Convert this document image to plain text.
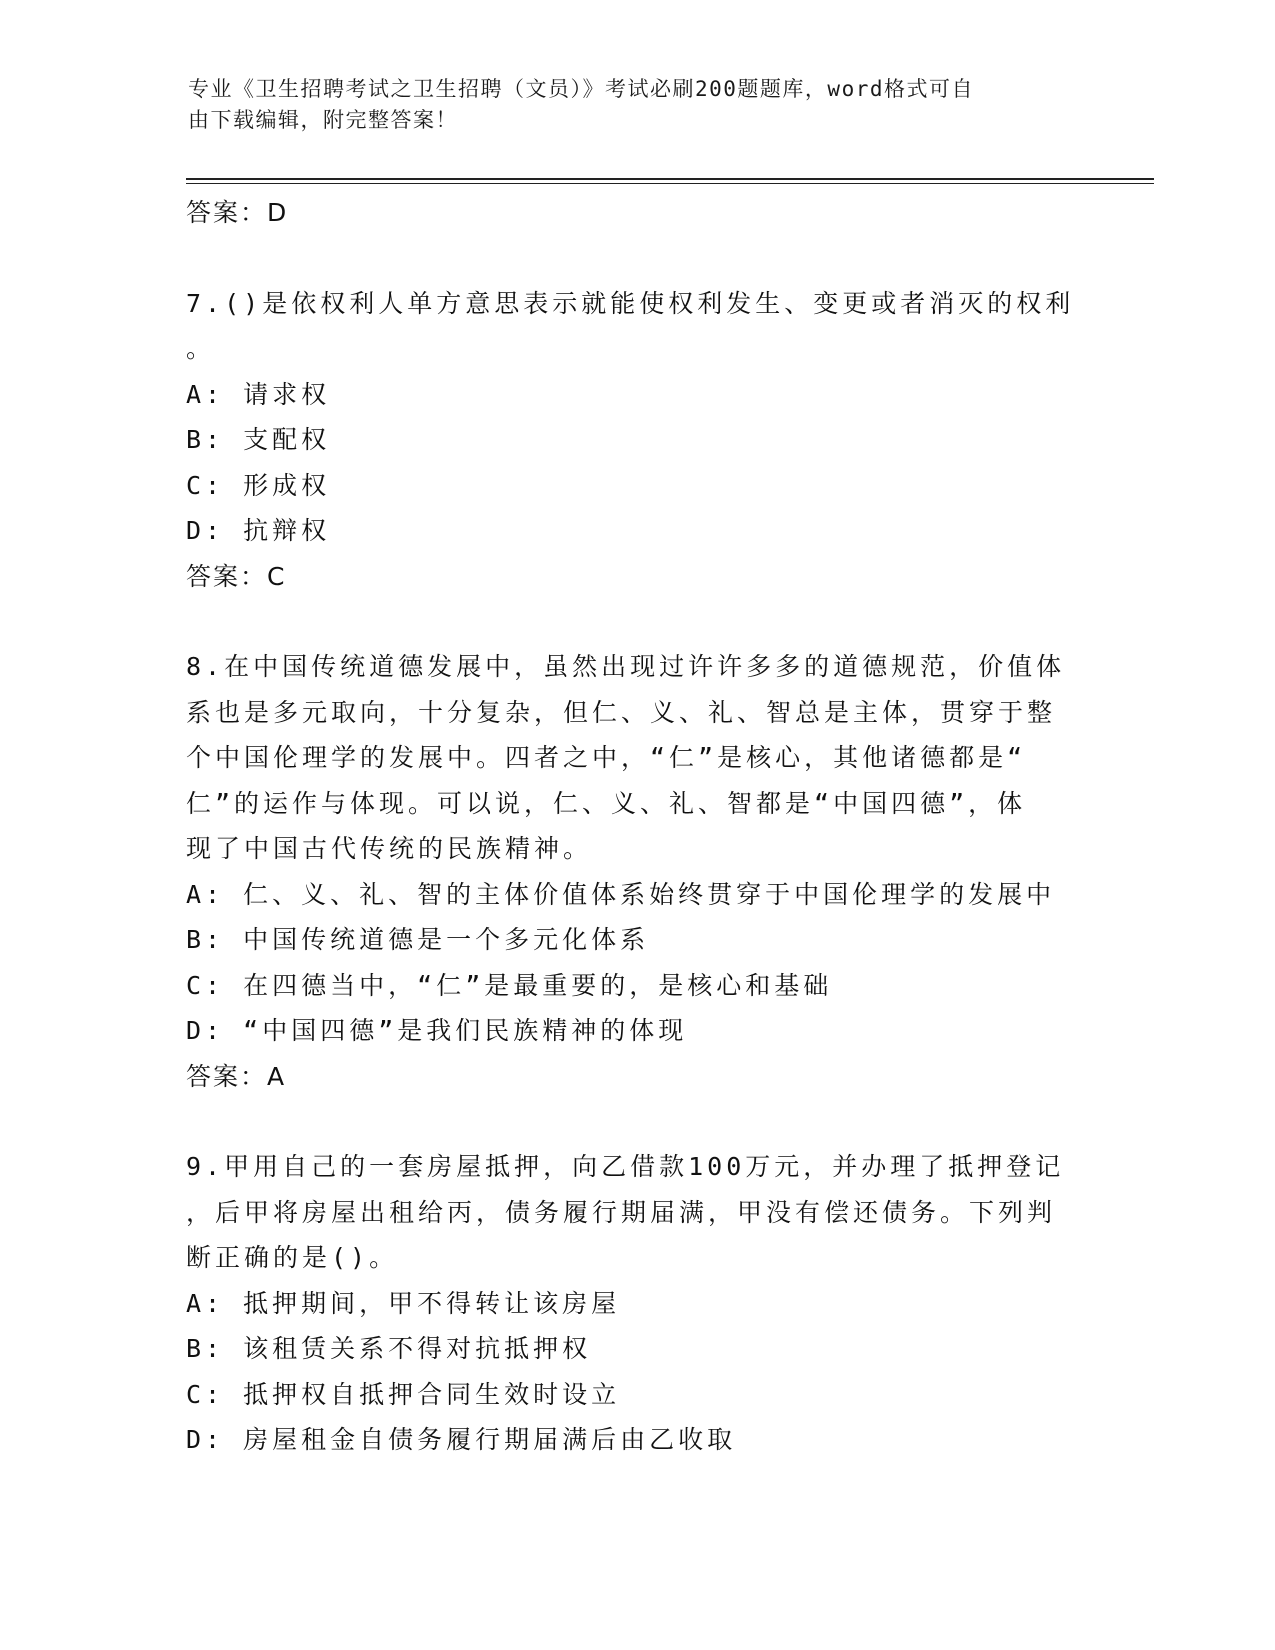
专业《卫生招聘考试之卫生招聘（文员）》考试必刷200题题库，word格式可自
由下载编辑，附完整答案！
答案：D
7.()是依权利人单方意思表示就能使权利发生、变更或者消灭的权利
。
A: 请求权
B: 支配权
C: 形成权
D: 抗辩权
答案：C
8.在中国传统道德发展中，虽然出现过许许多多的道德规范，价值体
系也是多元取向，十分复杂，但仁、义、礼、智总是主体，贯穿于整
个中国伦理学的发展中。四者之中，“仁”是核心，其他诸德都是“
仁”的运作与体现。可以说，仁、义、礼、智都是“中国四德”，体
现了中国古代传统的民族精神。
A: 仁、义、礼、智的主体价值体系始终贯穿于中国伦理学的发展中
B: 中国传统道德是一个多元化体系
C: 在四德当中，“仁”是最重要的，是核心和基础
D: “中国四德”是我们民族精神的体现
答案：A
9.甲用自己的一套房屋抵押，向乙借款100万元，并办理了抵押登记
，后甲将房屋出租给丙，债务履行期届满，甲没有偿还债务。下列判
断正确的是()。
A: 抵押期间，甲不得转让该房屋
B: 该租赁关系不得对抗抵押权
C: 抵押权自抵押合同生效时设立
D: 房屋租金自债务履行期届满后由乙收取
